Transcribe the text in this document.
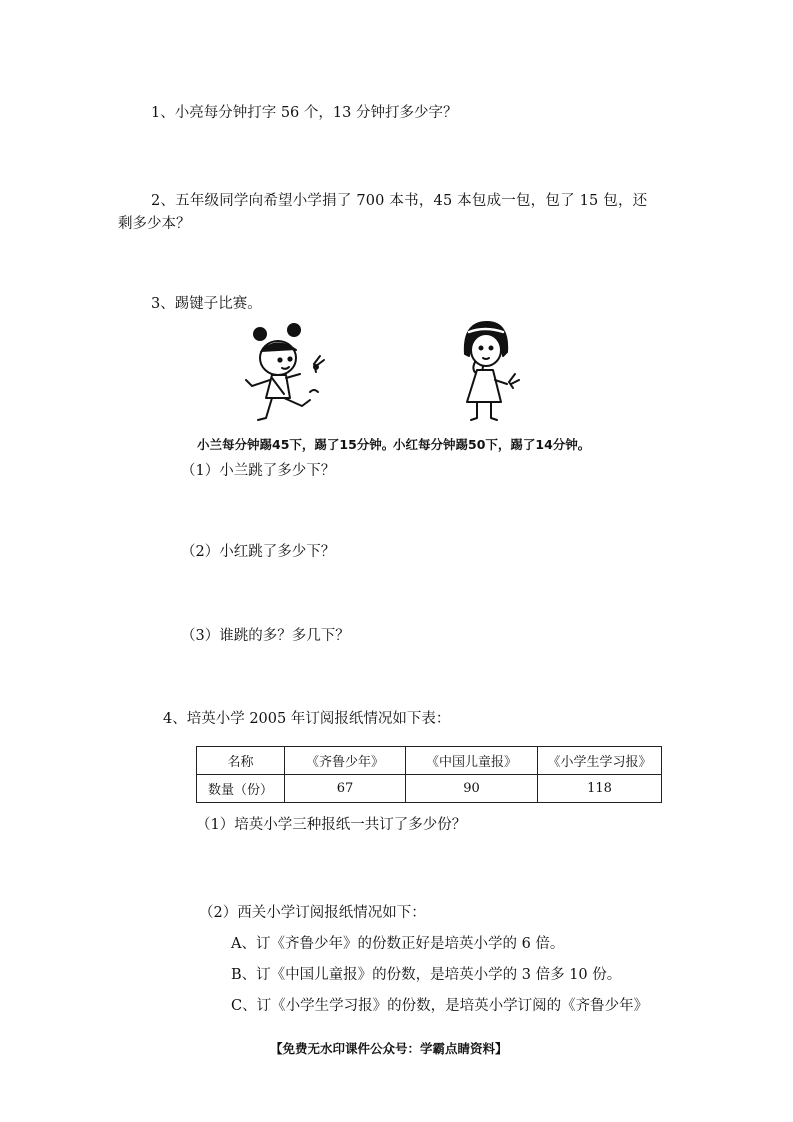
1、小亮每分钟打字 56 个，13 分钟打多少字？
2、五年级同学向希望小学捐了 700 本书，45 本包成一包，包了 15 包，还
剩多少本？
3、踢键子比赛。
小兰每分钟踢45下，踢了15分钟。
小红每分钟踢50下，踢了14分钟。
（1）小兰跳了多少下？
（2）小红跳了多少下？
（3）谁跳的多？多几下？
4、培英小学 2005 年订阅报纸情况如下表：
名称	《齐鲁少年》	《中国儿童报》	《小学生学习报》
数量（份）	67	90	118
（1）培英小学三种报纸一共订了多少份？
（2）西关小学订阅报纸情况如下：
A、订《齐鲁少年》的份数正好是培英小学的 6 倍。
B、订《中国儿童报》的份数，是培英小学的 3 倍多 10 份。
C、订《小学生学习报》的份数，是培英小学订阅的《齐鲁少年》
【免费无水印课件公众号：学霸点睛资料】
